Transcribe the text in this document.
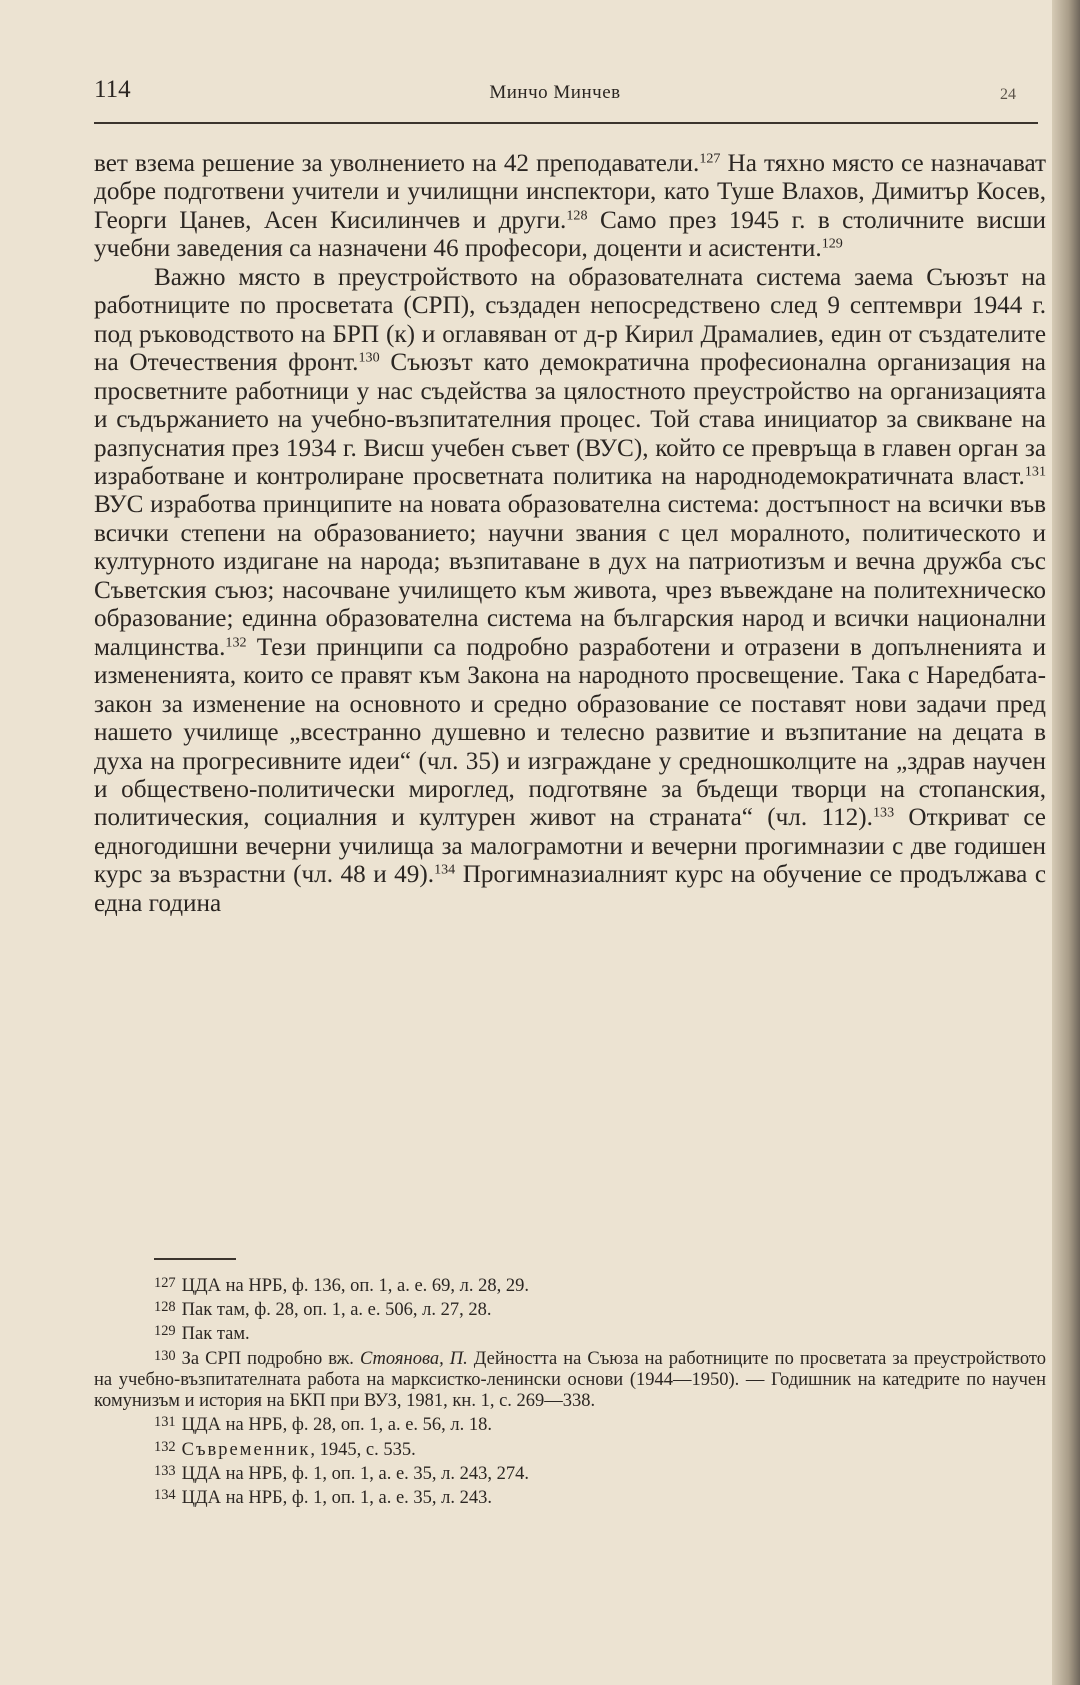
114	Минчо Минчев	24

вет взема решение за уволнението на 42 преподаватели.$^{127}$ На тяхно място се назначават добре подготвени учители и училищни инспектори, като Туше Влахов, Димитър Косев, Георги Цанев, Асен Кисилинчев и други.$^{128}$ Само през 1945 г. в столичните висши учебни заведения са назначени 46 професори, доценти и асистенти.$^{129}$

Важно място в преустройството на образователната система заема Съюзът на работниците по просветата (СРП), създаден непосредствено след 9 септември 1944 г. под ръководството на БРП (к) и оглавяван от д-р Кирил Драмалиев, един от създателите на Отечествения фронт.$^{130}$ Съюзът като демократична професионална организация на просветните работници у нас съдейства за цялостното преустройство на организацията и съдържанието на учебно-възпитателния процес. Той става инициатор за свикване на разпуснатия през 1934 г. Висш учебен съвет (ВУС), който се превръща в главен орган за изработване и контролиране просветната политика на народнодемократичната власт.$^{131}$ ВУС изработва принципите на новата образователна система: достъпност на всички във всички степени на образованието; научни звания с цел моралното, политическото и културното издигане на народа; възпитаване в дух на патриотизъм и вечна дружба със Съветския съюз; насочване училището към живота, чрез въвеждане на политехническо образование; единна образователна система на българския народ и всички национални малцинства.$^{132}$ Тези принципи са подробно разработени и отразени в допълненията и измененията, които се правят към Закона на народното просвещение. Така с Наредбата-закон за изменение на основното и средно образование се поставят нови задачи пред нашето училище „всестранно душевно и телесно развитие и възпитание на децата в духа на прогресивните идеи“ (чл. 35) и изграждане у средношколците на „здрав научен и обществено-политически мироглед, подготвяне за бъдещи творци на стопанския, политическия, социалния и културен живот на страната“ (чл. 112).$^{133}$ Откриват се едногодишни вечерни училища за малограмотни и вечерни прогимназии с две годишен курс за възрастни (чл. 48 и 49).$^{134}$ Прогимназиалният курс на обучение се продължава с една година

$^{127}$ ЦДА на НРБ, ф. 136, оп. 1, а. е. 69, л. 28, 29.

$^{128}$ Пак там, ф. 28, оп. 1, а. е. 506, л. 27, 28.

$^{129}$ Пак там.

$^{130}$ За СРП подробно вж. Стоянова, П. Дейността на Съюза на работниците по просветата за преустройството на учебно-възпитателната работа на марксистко-ленински основи (1944—1950). — Годишник на катедрите по научен комунизъм и история на БКП при ВУЗ, 1981, кн. 1, с. 269—338.

$^{131}$ ЦДА на НРБ, ф. 28, оп. 1, а. е. 56, л. 18.

$^{132}$ Съвременник, 1945, с. 535.

$^{133}$ ЦДА на НРБ, ф. 1, оп. 1, а. е. 35, л. 243, 274.

$^{134}$ ЦДА на НРБ, ф. 1, оп. 1, а. е. 35, л. 243.
